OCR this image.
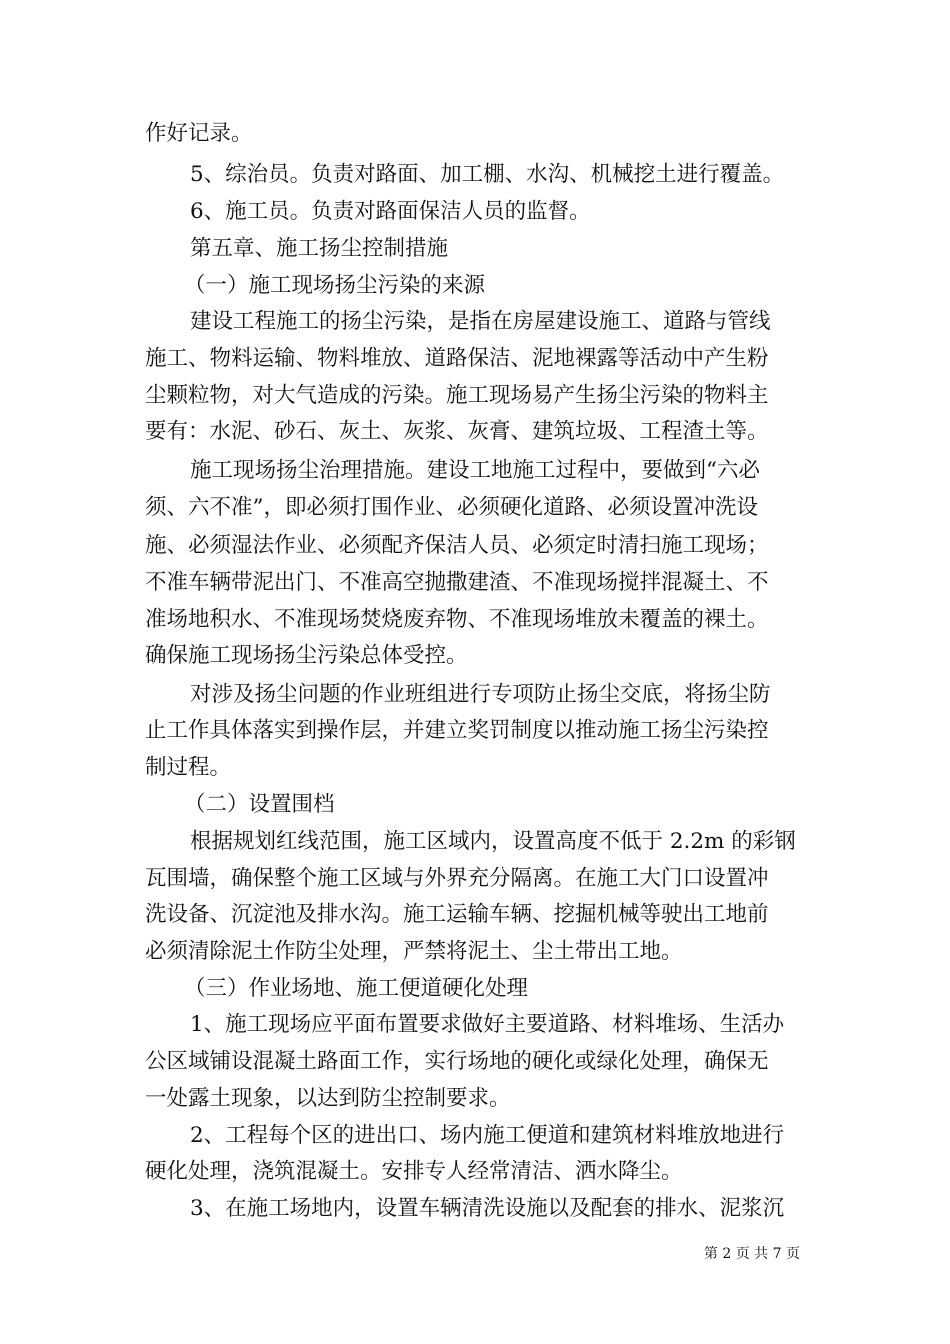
作好记录。
5、综治员。负责对路面、加工棚、水沟、机械挖土进行覆盖。
6、施工员。负责对路面保洁人员的监督。
第五章、施工扬尘控制措施
（一）施工现场扬尘污染的来源
建设工程施工的扬尘污染，是指在房屋建设施工、道路与管线
施工、物料运输、物料堆放、道路保洁、泥地裸露等活动中产生粉
尘颗粒物，对大气造成的污染。施工现场易产生扬尘污染的物料主
要有：水泥、砂石、灰土、灰浆、灰膏、建筑垃圾、工程渣土等。
施工现场扬尘治理措施。建设工地施工过程中，要做到“六必
须、六不准”，即必须打围作业、必须硬化道路、必须设置冲洗设
施、必须湿法作业、必须配齐保洁人员、必须定时清扫施工现场；
不准车辆带泥出门、不准高空抛撒建渣、不准现场搅拌混凝土、不
准场地积水、不准现场焚烧废弃物、不准现场堆放未覆盖的裸土。
确保施工现场扬尘污染总体受控。
对涉及扬尘问题的作业班组进行专项防止扬尘交底，将扬尘防
止工作具体落实到操作层，并建立奖罚制度以推动施工扬尘污染控
制过程。
（二）设置围档
根据规划红线范围，施工区域内，设置高度不低于 2.2m 的彩钢
瓦围墙，确保整个施工区域与外界充分隔离。在施工大门口设置冲
洗设备、沉淀池及排水沟。施工运输车辆、挖掘机械等驶出工地前
必须清除泥土作防尘处理，严禁将泥土、尘土带出工地。
（三）作业场地、施工便道硬化处理
1、施工现场应平面布置要求做好主要道路、材料堆场、生活办
公区域铺设混凝土路面工作，实行场地的硬化或绿化处理，确保无
一处露土现象，以达到防尘控制要求。
2、工程每个区的进出口、场内施工便道和建筑材料堆放地进行
硬化处理，浇筑混凝土。安排专人经常清洁、洒水降尘。
3、在施工场地内，设置车辆清洗设施以及配套的排水、泥浆沉
第 2 页 共 7 页
